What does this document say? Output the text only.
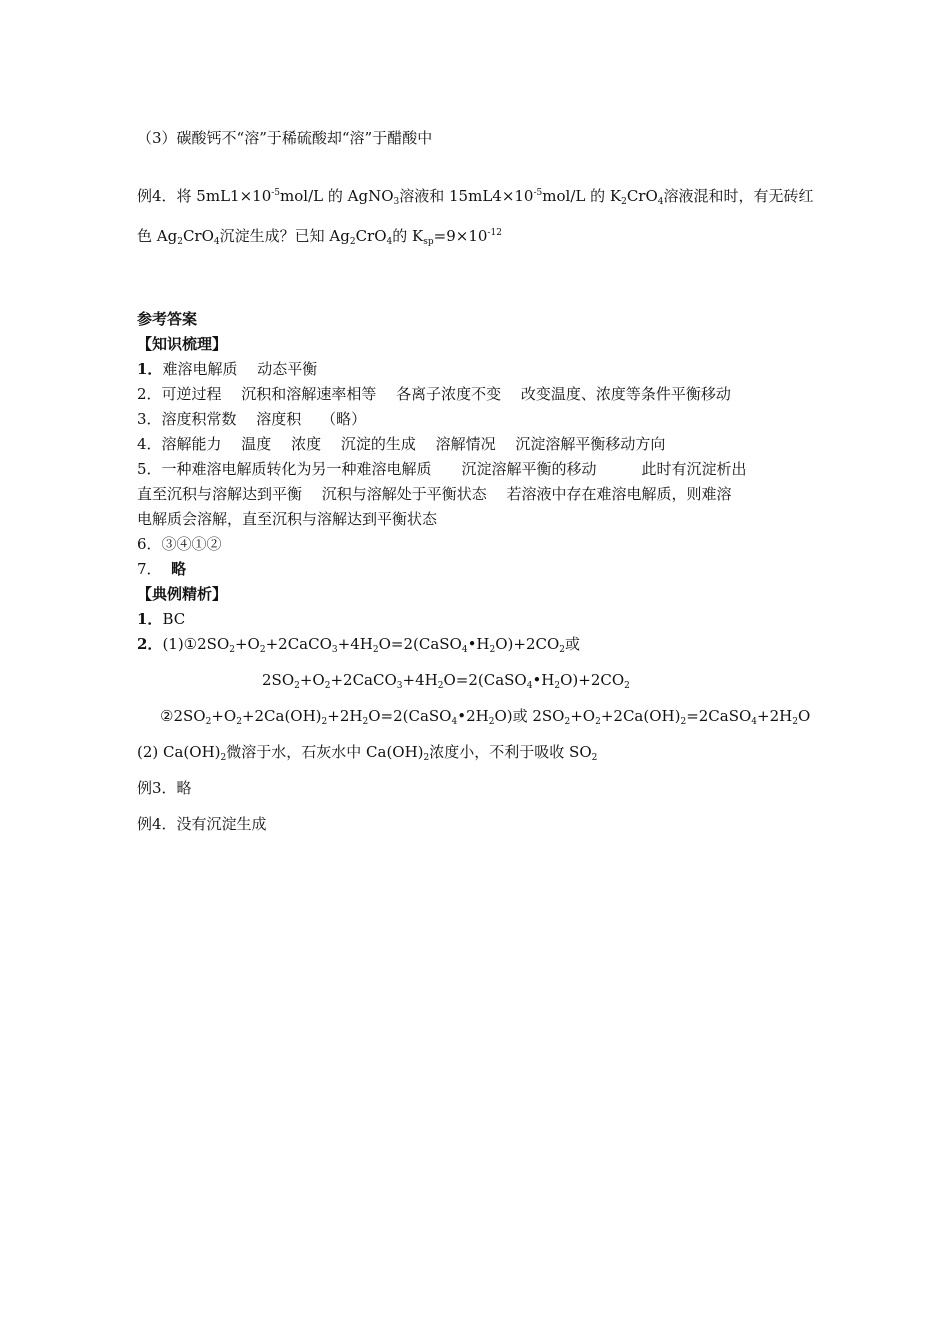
（3）碳酸钙不“溶”于稀硫酸却“溶”于醋酸中
例4．将 $5mL1\times 10^{-5}mol/L$ 的 AgNO$_3$溶液和 $15mL4\times 10^{-5}mol/L$ 的 $K_2CrO_4$溶液混和时，有无砖红
色 $Ag_2CrO_4$沉淀生成？已知 $Ag_2CrO_4$的 $K_{sp}=9\times 10^{-12}$
参考答案
【知识梳理】
1．难溶电解质　 动态平衡
2．可逆过程　 沉积和溶解速率相等　 各离子浓度不变　 改变温度、浓度等条件平衡移动
3．溶度积常数　 溶度积　 （略）
4．溶解能力　 温度　 浓度　 沉淀的生成　 溶解情况　 沉淀溶解平衡移动方向
5．一种难溶电解质转化为另一种难溶电解质　　沉淀溶解平衡的移动　　　此时有沉淀析出
直至沉积与溶解达到平衡　 沉积与溶解处于平衡状态　 若溶液中存在难溶电解质，则难溶
电解质会溶解，直至沉积与溶解达到平衡状态
6．③④①②
7． 略
【典例精析】
1．BC
2．$(1)①2SO_2+O_2+2CaCO_3+4H_2O=2(CaSO_4•H_2O)+2CO_2$或
$2SO_2+O_2+2CaCO_3+4H_2O=2(CaSO_4•H_2O)+2CO_2$
$②2SO_2+O_2+2Ca(OH)_2+2H_2O=2(CaSO_4•2H_2O)$或 $2SO_2+O_2+2Ca(OH)_2=2CaSO_4+2H_2O$
(2) $Ca(OH)_2$微溶于水，石灰水中 $Ca(OH)_2$浓度小，不利于吸收 $SO_2$
例3．略
例4．没有沉淀生成
